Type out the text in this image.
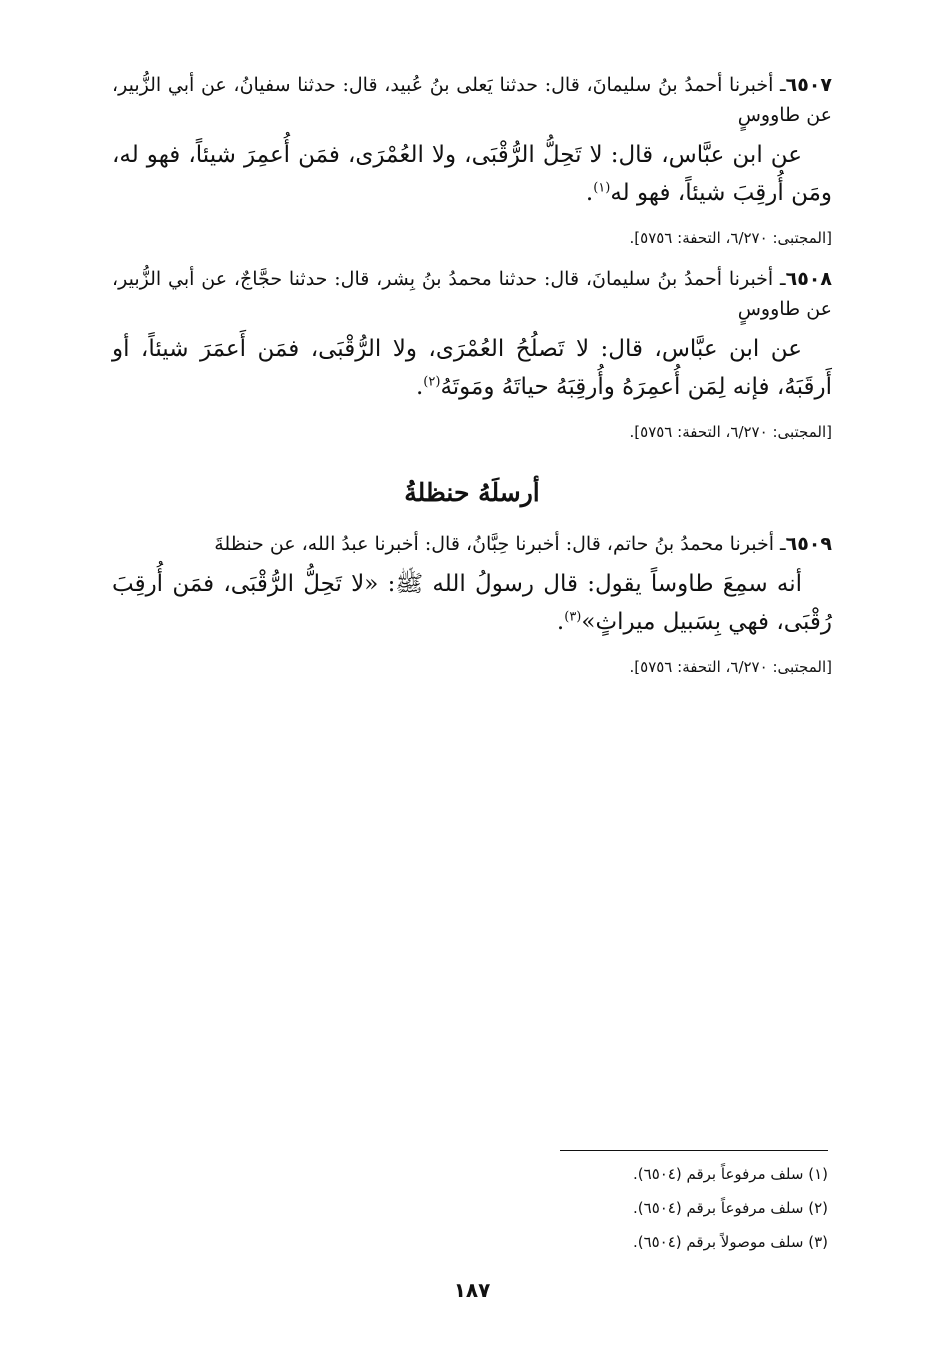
٦٥٠٧ـ أخبرنا أحمدُ بنُ سليمانَ، قال: حدثنا يَعلى بنُ عُبيد، قال: حدثنا سفيانُ، عن أبي الزُّبير، عن طاووسٍ

عن ابن عبَّاس، قال: لا تَحِلُّ الرُّقْبَى، ولا العُمْرَى، فمَن أُعمِرَ شيئاً، فهو له، ومَن أُرقِبَ شيئاً، فهو له$^{(١)}$.

[المجتبى: ٦/٢٧٠، التحفة: ٥٧٥٦].

٦٥٠٨ـ أخبرنا أحمدُ بنُ سليمانَ، قال: حدثنا محمدُ بنُ بِشر، قال: حدثنا حجَّاجٌ، عن أبي الزُّبير، عن طاووسٍ

عن ابن عبَّاس، قال: لا تَصلُحُ العُمْرَى، ولا الرُّقْبَى، فمَن أَعمَرَ شيئاً، أو أَرقَبَهُ، فإنه لِمَن أُعمِرَهُ وأُرقِبَهُ حياتَهُ ومَوتَهُ$^{(٢)}$.

[المجتبى: ٦/٢٧٠، التحفة: ٥٧٥٦].

أرسلَهُ حنظلةُ

٦٥٠٩ـ أخبرنا محمدُ بنُ حاتم، قال: أخبرنا حِبَّانُ، قال: أخبرنا عبدُ الله، عن حنظلةَ

أنه سمِعَ طاوساً يقول: قال رسولُ الله ﷺ: «لا تَحِلُّ الرُّقْبَى، فمَن أُرقِبَ رُقْبَى، فهي بِسَبيل ميراثٍ»$^{(٣)}$.

[المجتبى: ٦/٢٧٠، التحفة: ٥٧٥٦].

(١) سلف مرفوعاً برقم (٦٥٠٤).

(٢) سلف مرفوعاً برقم (٦٥٠٤).

(٣) سلف موصولاً برقم (٦٥٠٤).

١٨٧
